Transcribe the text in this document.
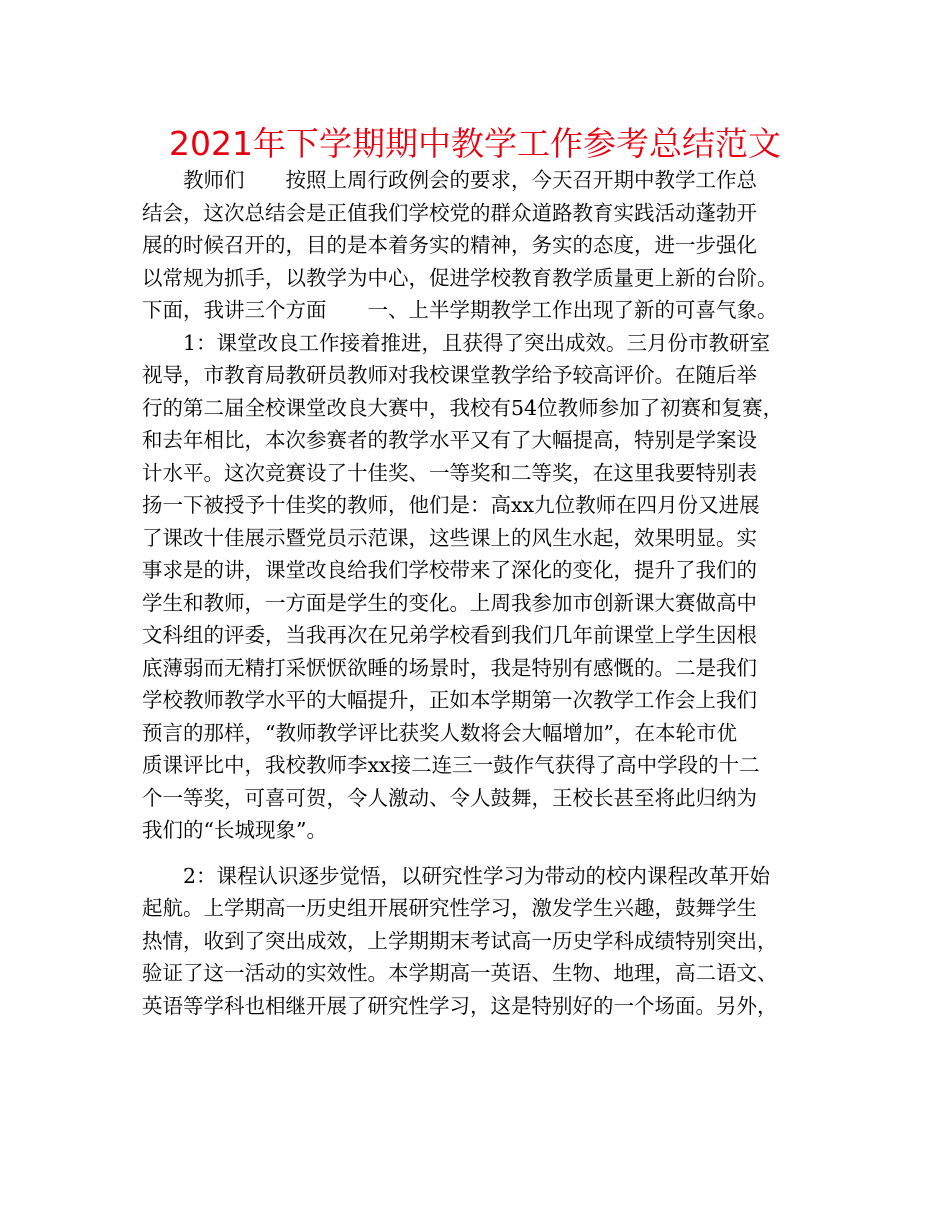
2021年下学期期中教学工作参考总结范文
　　教师们　　按照上周行政例会的要求，今天召开期中教学工作总
结会，这次总结会是正值我们学校党的群众道路教育实践活动蓬勃开
展的时候召开的，目的是本着务实的精神，务实的态度，进一步强化
以常规为抓手，以教学为中心，促进学校教育教学质量更上新的台阶。
下面，我讲三个方面　　一、上半学期教学工作出现了新的可喜气象。
　　1：课堂改良工作接着推进，且获得了突出成效。三月份市教研室
视导，市教育局教研员教师对我校课堂教学给予较高评价。在随后举
行的第二届全校课堂改良大赛中，我校有54位教师参加了初赛和复赛，
和去年相比，本次参赛者的教学水平又有了大幅提高，特别是学案设
计水平。这次竞赛设了十佳奖、一等奖和二等奖，在这里我要特别表
扬一下被授予十佳奖的教师，他们是：高xx九位教师在四月份又进展
了课改十佳展示暨党员示范课，这些课上的风生水起，效果明显。实
事求是的讲，课堂改良给我们学校带来了深化的变化，提升了我们的
学生和教师，一方面是学生的变化。上周我参加市创新课大赛做高中
文科组的评委，当我再次在兄弟学校看到我们几年前课堂上学生因根
底薄弱而无精打采恹恹欲睡的场景时，我是特别有感慨的。二是我们
学校教师教学水平的大幅提升，正如本学期第一次教学工作会上我们
预言的那样，“教师教学评比获奖人数将会大幅增加”，在本轮市优
质课评比中，我校教师李xx接二连三一鼓作气获得了高中学段的十二
个一等奖，可喜可贺，令人激动、令人鼓舞，王校长甚至将此归纳为
我们的“长城现象”。
　　2：课程认识逐步觉悟，以研究性学习为带动的校内课程改革开始
起航。上学期高一历史组开展研究性学习，激发学生兴趣，鼓舞学生
热情，收到了突出成效，上学期期末考试高一历史学科成绩特别突出，
验证了这一活动的实效性。本学期高一英语、生物、地理，高二语文、
英语等学科也相继开展了研究性学习，这是特别好的一个场面。另外，
